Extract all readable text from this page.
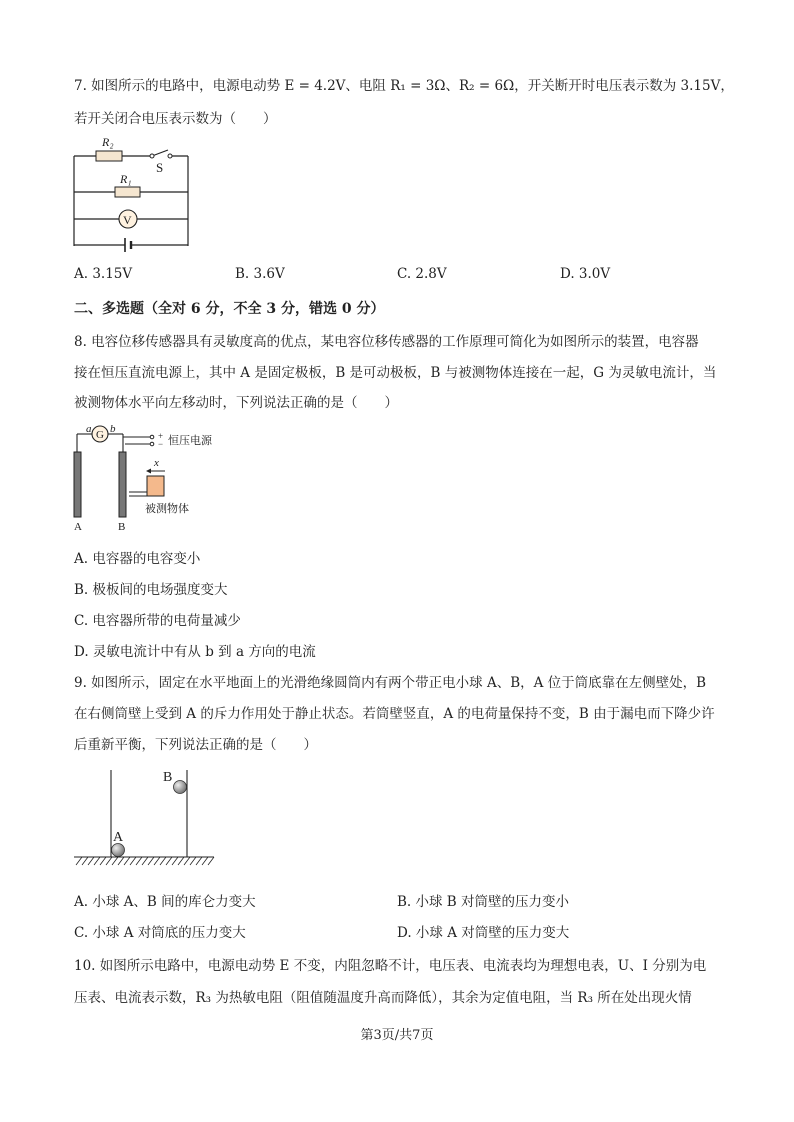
7. 如图所示的电路中，电源电动势 E = 4.2V、电阻 R₁ = 3Ω、R₂ = 6Ω，开关断开时电压表示数为 3.15V，
若开关闭合电压表示数为（　　）
R₂
S
R₁
V
A. 3.15V	B. 3.6V	C. 2.8V	D. 3.0V
二、多选题（全对 6 分，不全 3 分，错选 0 分）
8. 电容位移传感器具有灵敏度高的优点，某电容位移传感器的工作原理可简化为如图所示的装置，电容器
接在恒压直流电源上，其中 A 是固定极板，B 是可动极板，B 与被测物体连接在一起，G 为灵敏电流计，当
被测物体水平向左移动时，下列说法正确的是（　　）
a G b
+
− 恒压电源
x
被测物体
A	B
A. 电容器的电容变小
B. 极板间的电场强度变大
C. 电容器所带的电荷量减少
D. 灵敏电流计中有从 b 到 a 方向的电流
9. 如图所示，固定在水平地面上的光滑绝缘圆筒内有两个带正电小球 A、B，A 位于筒底靠在左侧壁处，B
在右侧筒壁上受到 A 的斥力作用处于静止状态。若筒壁竖直，A 的电荷量保持不变，B 由于漏电而下降少许
后重新平衡，下列说法正确的是（　　）
A
B
A. 小球 A、B 间的库仑力变大	B. 小球 B 对筒壁的压力变小
C. 小球 A 对筒底的压力变大	D. 小球 A 对筒壁的压力变大
10. 如图所示电路中，电源电动势 E 不变，内阻忽略不计，电压表、电流表均为理想电表，U、I 分别为电
压表、电流表示数，R₃ 为热敏电阻（阻值随温度升高而降低），其余为定值电阻，当 R₃ 所在处出现火情
第3页/共7页
